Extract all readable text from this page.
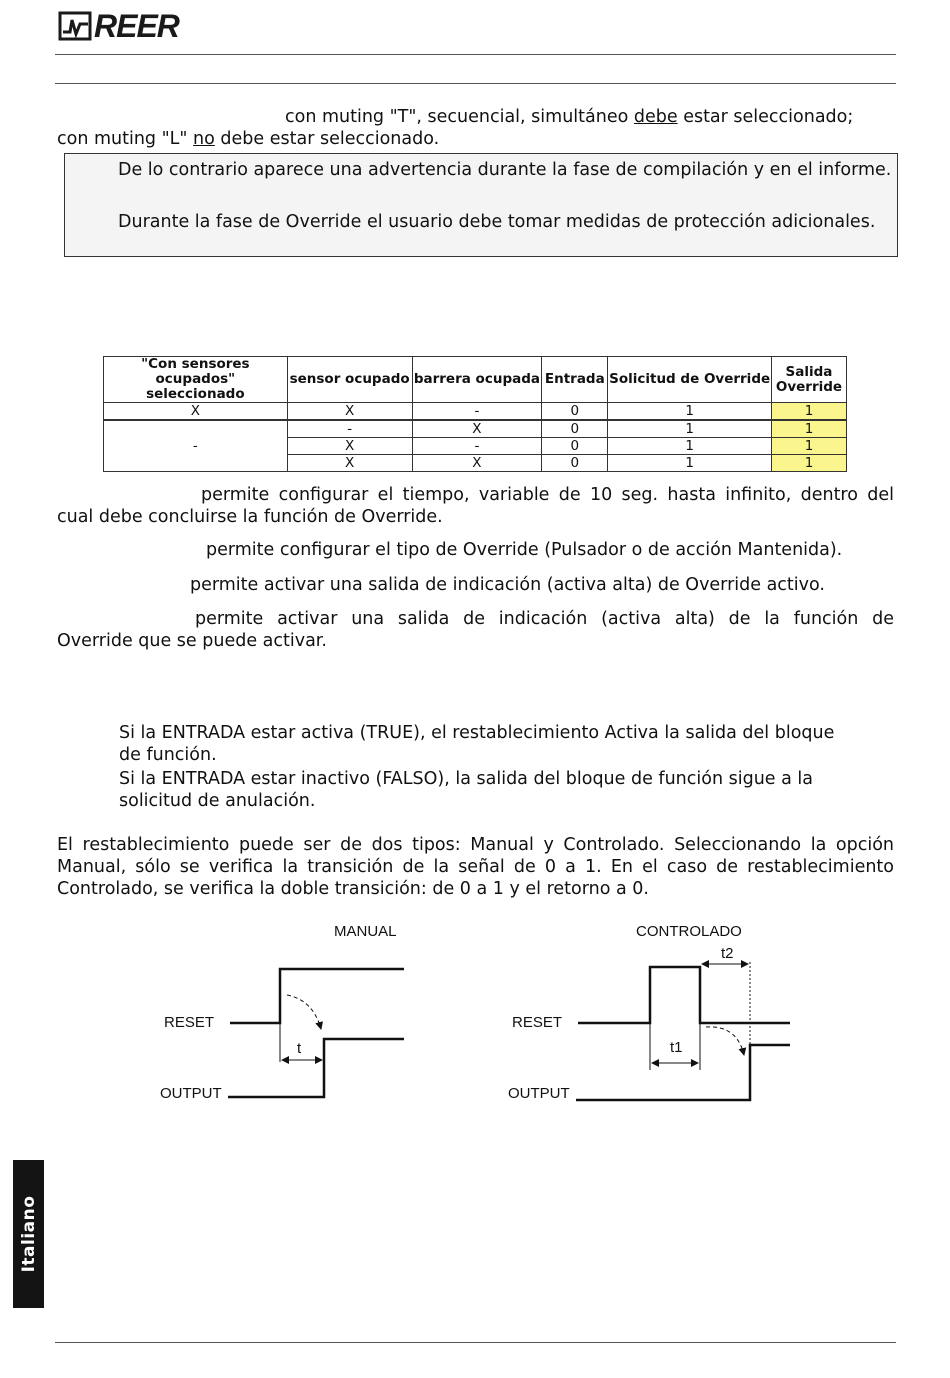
REER
con muting "T", secuencial, simultáneo debe estar seleccionado;
con muting "L" no debe estar seleccionado.
De lo contrario aparece una advertencia durante la fase de compilación y en el informe.
Durante la fase de Override el usuario debe tomar medidas de protección adicionales.
"Con sensores ocupados" seleccionado	sensor ocupado	barrera ocupada	Entrada	Solicitud de Override	Salida Override
X	X	-	0	1	1
-	-	X	0	1	1
	X	-	0	1	1
	X	X	0	1	1
permite configurar el tiempo, variable de 10 seg. hasta infinito, dentro del
cual debe concluirse la función de Override.
permite configurar el tipo de Override (Pulsador o de acción Mantenida).
permite activar una salida de indicación (activa alta) de Override activo.
permite activar una salida de indicación (activa alta) de la función de
Override que se puede activar.
Si la ENTRADA estar activa (TRUE), el restablecimiento Activa la salida del bloque
de función.
Si la ENTRADA estar inactivo (FALSO), la salida del bloque de función sigue a la
solicitud de anulación.
El restablecimiento puede ser de dos tipos: Manual y Controlado. Seleccionando la opción
Manual, sólo se verifica la transición de la señal de 0 a 1. En el caso de restablecimiento
Controlado, se verifica la doble transición: de 0 a 1 y el retorno a 0.
MANUAL
RESET
OUTPUT
t
CONTROLADO
RESET
OUTPUT
t1
t2
Italiano
